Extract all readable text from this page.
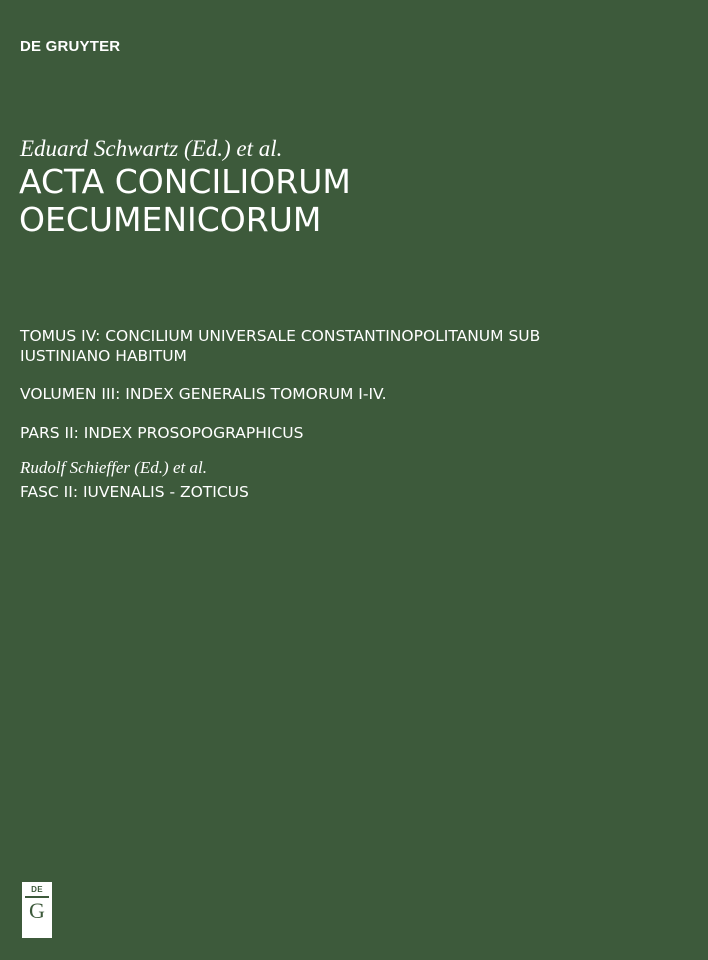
DE GRUYTER
Eduard Schwartz (Ed.) et al.
ACTA CONCILIORUM
OECUMENICORUM
TOMUS IV: CONCILIUM UNIVERSALE CONSTANTINOPOLITANUM SUB
IUSTINIANO HABITUM
VOLUMEN III: INDEX GENERALIS TOMORUM I-IV.
PARS II: INDEX PROSOPOGRAPHICUS
Rudolf Schieffer (Ed.) et al.
FASC II: IUVENALIS - ZOTICUS
DE
G
